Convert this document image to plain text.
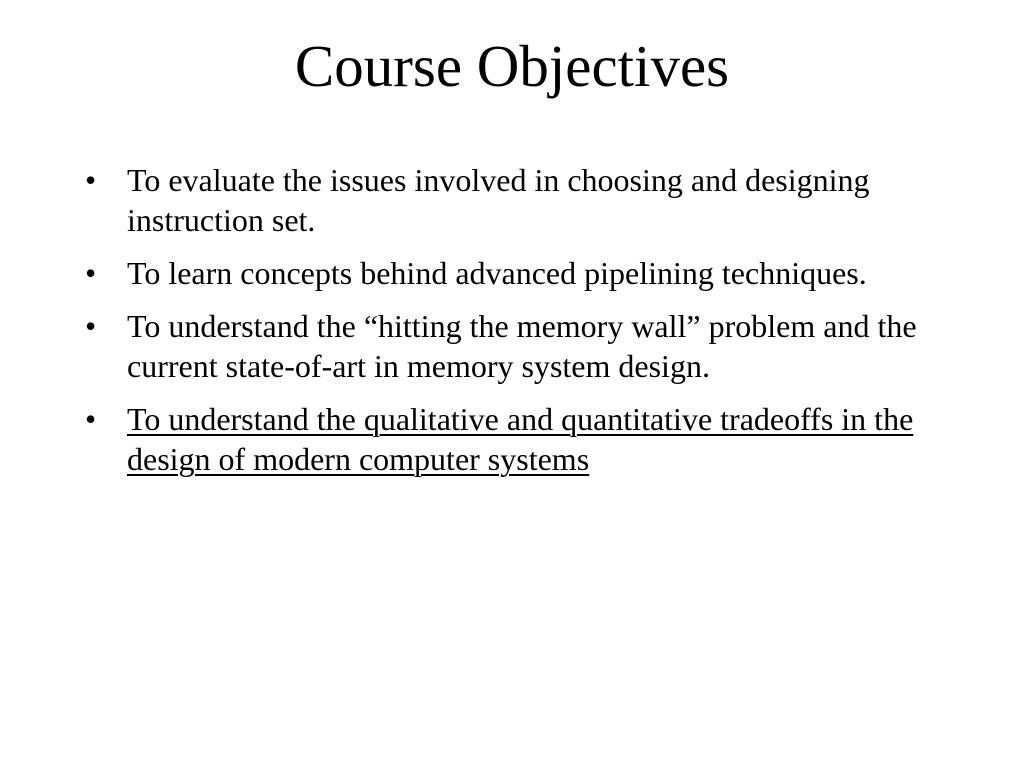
Course Objectives
• To evaluate the issues involved in choosing and designing instruction set.
• To learn concepts behind advanced pipelining techniques.
• To understand the “hitting the memory wall” problem and the current state-of-art in memory system design.
• To understand the qualitative and quantitative tradeoffs in the design of modern computer systems
